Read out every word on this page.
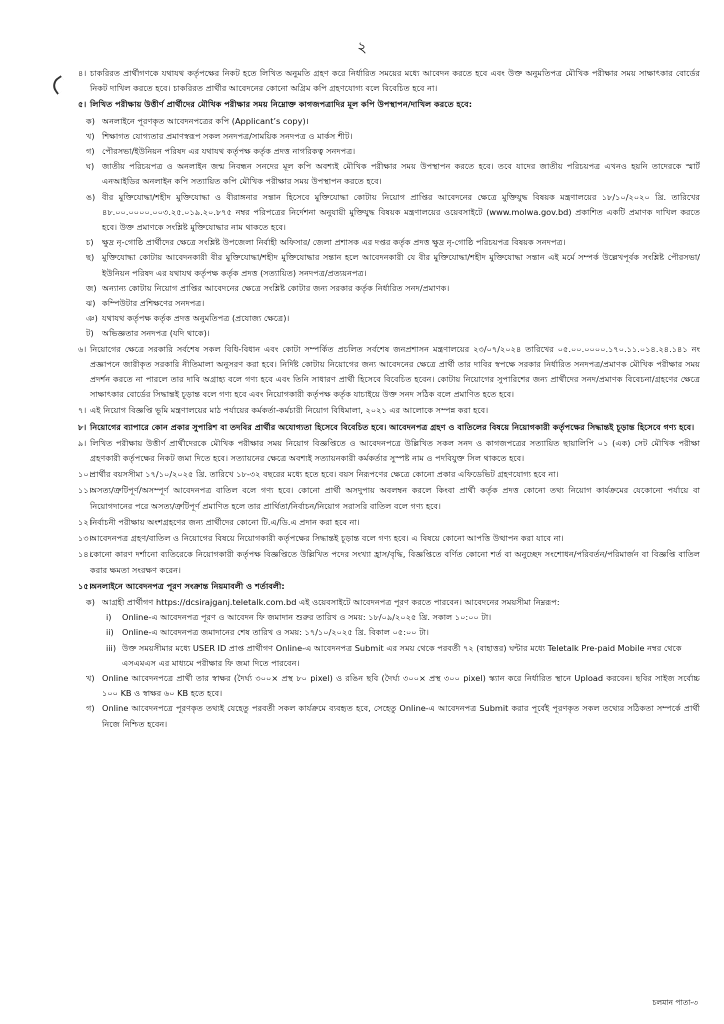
২
৪। চাকরিরত প্রার্থীগণকে যথাযথ কর্তৃপক্ষের নিকট হতে লিখিত অনুমতি গ্রহণ করে নির্ধারিত সময়ের মধ্যে আবেদন করতে হবে এবং উক্ত অনুমতিপত্র মৌখিক পরীক্ষার সময় সাক্ষাৎকার বোর্ডের নিকট দাখিল করতে হবে। চাকরিরত প্রার্থীর আবেদনের কোনো অগ্রিম কপি গ্রহণযোগ্য বলে বিবেচিত হবে না।
৫। লিখিত পরীক্ষায় উত্তীর্ণ প্রার্থীদের মৌখিক পরীক্ষার সময় নিম্নোক্ত কাগজপত্রাদির মূল কপি উপস্থাপন/দাখিল করতে হবে:
ক) অনলাইনে পূরণকৃত আবেদনপত্রের কপি (Applicant’s copy)।
খ) শিক্ষাগত যোগ্যতার প্রমাণস্বরূপ সকল সনদপত্র/সাময়িক সনদপত্র ও মার্কস শীট।
গ) পৌরসভা/ইউনিয়ন পরিষদ এর যথাযথ কর্তৃপক্ষ কর্তৃক প্রদত্ত নাগরিকত্ব সনদপত্র।
ঘ) জাতীয় পরিচয়পত্র ও অনলাইন জন্ম নিবন্ধন সনদের মূল কপি অবশ্যই মৌখিক পরীক্ষার সময় উপস্থাপন করতে হবে। তবে যাদের জাতীয় পরিচয়পত্র এখনও হয়নি তাদেরকে স্মার্ট এনআইডির অনলাইন কপি সত্যায়িত কপি মৌখিক পরীক্ষার সময় উপস্থাপন করতে হবে।
ঙ) বীর মুক্তিযোদ্ধা/শহীদ মুক্তিযোদ্ধা ও বীরাঙ্গনার সন্তান হিসেবে মুক্তিযোদ্ধা কোটায় নিয়োগ প্রাপ্তির আবেদনের ক্ষেত্রে মুক্তিযুদ্ধ বিষয়ক মন্ত্রণালয়ের ১৮/১০/২০২০ খ্রি. তারিখের ৪৮.০০.০০০০.০০৩.২৫.০১৯.২০.৮৭৫ নম্বর পরিপত্রের নির্দেশনা অনুযায়ী মুক্তিযুদ্ধ বিষয়ক মন্ত্রণালয়ের ওয়েবসাইটে (www.molwa.gov.bd) প্রকাশিত একটি প্রমাণক দাখিল করতে হবে। উক্ত প্রমাণকে সংশ্লিষ্ট মুক্তিযোদ্ধার নাম থাকতে হবে।
চ) ক্ষুদ্র নৃ-গোষ্ঠি প্রার্থীদের ক্ষেত্রে সংশ্লিষ্ট উপজেলা নির্বাহী অফিসার/ জেলা প্রশাসক এর দপ্তর কর্তৃক প্রদত্ত ক্ষুদ্র নৃ-গোষ্ঠি পরিচয়পত্র বিষয়ক সনদপত্র।
ছ) মুক্তিযোদ্ধা কোটায় আবেদনকারী বীর মুক্তিযোদ্ধা/শহীদ মুক্তিযোদ্ধার সন্তান হলে আবেদনকারী যে বীর মুক্তিযোদ্ধা/শহীদ মুক্তিযোদ্ধা সন্তান এই মর্মে সম্পর্ক উল্লেখপূর্বক সংশ্লিষ্ট পৌরসভা/ইউনিয়ন পরিষদ এর যথাযথ কর্তৃপক্ষ কর্তৃক প্রদত্ত (সত্যায়িত) সনদপত্র/প্রত্যয়নপত্র।
জ) অন্যান্য কোটায় নিয়োগ প্রাপ্তির আবেদনের ক্ষেত্রে সংশ্লিষ্ট কোটার জন্য সরকার কর্তৃক নির্ধারিত সনদ/প্রমাণক।
ঝ) কম্পিউটার প্রশিক্ষণের সনদপত্র।
ঞ) যথাযথ কর্তৃপক্ষ কর্তৃক প্রদত্ত অনুমতিপত্র (প্রযোজ্য ক্ষেত্রে)।
ট) অভিজ্ঞতার সনদপত্র (যদি থাকে)।
৬। নিয়োগের ক্ষেত্রে সরকারি সর্বশেষ সকল বিধি-বিধান এবং কোটা সম্পর্কিত প্রচলিত সর্বশেষ জনপ্রশাসন মন্ত্রণালয়ের ২৩/০৭/২০২৪ তারিখের ০৫.০০.০০০০.১৭০.১১.০১৪.২৪.১৪১ নং প্রজ্ঞাপনে জারীকৃত সরকারি নীতিমালা অনুসরণ করা হবে। নির্দিষ্ট কোটায় নিয়োগের জন্য আবেদনের ক্ষেত্রে প্রার্থী তার দাবির স্বপক্ষে সরকার নির্ধারিত সনদপত্র/প্রমাণক মৌখিক পরীক্ষার সময় প্রদর্শন করতে না পারলে তার দাবি অগ্রাহ্য বলে গণ্য হবে এবং তিনি সাধারণ প্রার্থী হিসেবে বিবেচিত হবেন। কোটায় নিয়োগের সুপারিশের জন্য প্রার্থীদের সনদ/প্রমাণক বিবেচনা/গ্রহণের ক্ষেত্রে সাক্ষাৎকার বোর্ডের সিদ্ধান্তই চূড়ান্ত বলে গণ্য হবে এবং নিয়োগকারী কর্তৃপক্ষ কর্তৃক যাচাইয়ে উক্ত সনদ সঠিক বলে প্রমাণিত হতে হবে।
৭। এই নিয়োগ বিজ্ঞপ্তি ভূমি মন্ত্রণালয়ের মাঠ পর্যায়ের কর্মকর্তা-কর্মচারী নিয়োগ বিধিমালা, ২০২১ এর আলোকে সম্পন্ন করা হবে।
৮। নিয়োগের ব্যাপারে কোন প্রকার সুপারিশ বা তদবির প্রার্থীর অযোগ্যতা হিসেবে বিবেচিত হবে। আবেদনপত্র গ্রহণ ও বাতিলের বিষয়ে নিয়োগকারী কর্তৃপক্ষের সিদ্ধান্তই চূড়ান্ত হিসেবে গণ্য হবে।
৯। লিখিত পরীক্ষায় উত্তীর্ণ প্রার্থীদেরকে মৌখিক পরীক্ষার সময় নিয়োগ বিজ্ঞপ্তিতে ও আবেদনপত্রে উল্লিখিত সকল সনদ ও কাগজপত্রের সত্যায়িত ছায়ালিপি ০১ (এক) সেট মৌখিক পরীক্ষা গ্রহণকারী কর্তৃপক্ষের নিকট জমা দিতে হবে। সত্যায়নের ক্ষেত্রে অবশ্যই সত্যায়নকারী কর্মকর্তার সুস্পষ্ট নাম ও পদবিযুক্ত সিল থাকতে হবে।
১০।
প্রার্থীর বয়সসীমা ১৭/১০/২০২৫ খ্রি. তারিখে ১৮-৩২ বছরের মধ্যে হতে হবে। বয়স নিরূপণের ক্ষেত্রে কোনো প্রকার এফিডেভিট গ্রহণযোগ্য হবে না।
১১।
অসত্য/ত্রুটিপূর্ণ/অসম্পূর্ণ আবেদনপত্র বাতিল বলে গণ্য হবে। কোনো প্রার্থী অসদুপায় অবলম্বন করলে কিংবা প্রার্থী কর্তৃক প্রদত্ত কোনো তথ্য নিয়োগ কার্যক্রমের যেকোনো পর্যায়ে বা নিয়োগদানের পরে অসত্য/ত্রুটিপূর্ণ প্রমাণিত হলে তার প্রার্থিতা/নির্বাচন/নিয়োগ সরাসরি বাতিল বলে গণ্য হবে।
১২।
নির্বাচনী পরীক্ষায় অংশগ্রহণের জন্য প্রার্থীদের কোনো টি.এ/ডি.এ প্রদান করা হবে না।
১৩।
আবেদনপত্র গ্রহণ/বাতিল ও নিয়োগের বিষয়ে নিয়োগকারী কর্তৃপক্ষের সিদ্ধান্তই চূড়ান্ত বলে গণ্য হবে। এ বিষয়ে কোনো আপত্তি উত্থাপন করা যাবে না।
১৪।
কোনো কারণ দর্শানো ব্যতিরেকে নিয়োগকারী কর্তৃপক্ষ বিজ্ঞপ্তিতে উল্লিখিত পদের সংখ্যা হ্রাস/বৃদ্ধি, বিজ্ঞপ্তিতে বর্ণিত কোনো শর্ত বা অনুচ্ছেদ সংশোধন/পরিবর্তন/পরিমার্জন বা বিজ্ঞপ্তি বাতিল করার ক্ষমতা সংরক্ষণ করেন।
১৫।
অনলাইনে আবেদনপত্র পূরণ সংক্রান্ত নিয়মাবলী ও শর্তাবলী:
ক) আগ্রহী প্রার্থীগণ https://dcsirajganj.teletalk.com.bd এই ওয়েবসাইটে আবেদনপত্র পূরণ করতে পারবেন। আবেদনের সময়সীমা নিম্নরূপ:
i) Online-এ আবেদনপত্র পূরণ ও আবেদন ফি জমাদান শুরুর তারিখ ও সময়: ১৮/০৯/২০২৫ খ্রি. সকাল ১০:০০ টা।
ii) Online-এ আবেদনপত্র জমাদানের শেষ তারিখ ও সময়: ১৭/১০/২০২৫ খ্রি. বিকাল ০৫:০০ টা।
iii) উক্ত সময়সীমার মধ্যে USER ID প্রাপ্ত প্রার্থীগণ Online-এ আবেদনপত্র Submit এর সময় থেকে পরবর্তী ৭২ (বাহাত্তর) ঘন্টার মধ্যে Teletalk Pre-paid Mobile নম্বর থেকে এসএমএস এর মাধ্যমে পরীক্ষার ফি জমা দিতে পারবেন।
খ) Online আবেদনপত্রে প্রার্থী তার স্বাক্ষর (দৈর্ঘ্য ৩০০× প্রস্থ ৮০ pixel) ও রঙিন ছবি (দৈর্ঘ্য ৩০০× প্রস্থ ৩০০ pixel) স্ক্যান করে নির্ধারিত স্থানে Upload করবেন। ছবির সাইজ সর্বোচ্চ ১০০ KB ও স্বাক্ষর ৬০ KB হতে হবে।
গ) Online আবেদনপত্রে পূরণকৃত তথ্যই যেহেতু পরবর্তী সকল কার্যক্রমে ব্যবহৃত হবে, সেহেতু Online-এ আবেদনপত্র Submit করার পূর্বেই পূরণকৃত সকল তথ্যের সঠিকতা সম্পর্কে প্রার্থী নিজে নিশ্চিত হবেন।
চলমান পাতা-৩
